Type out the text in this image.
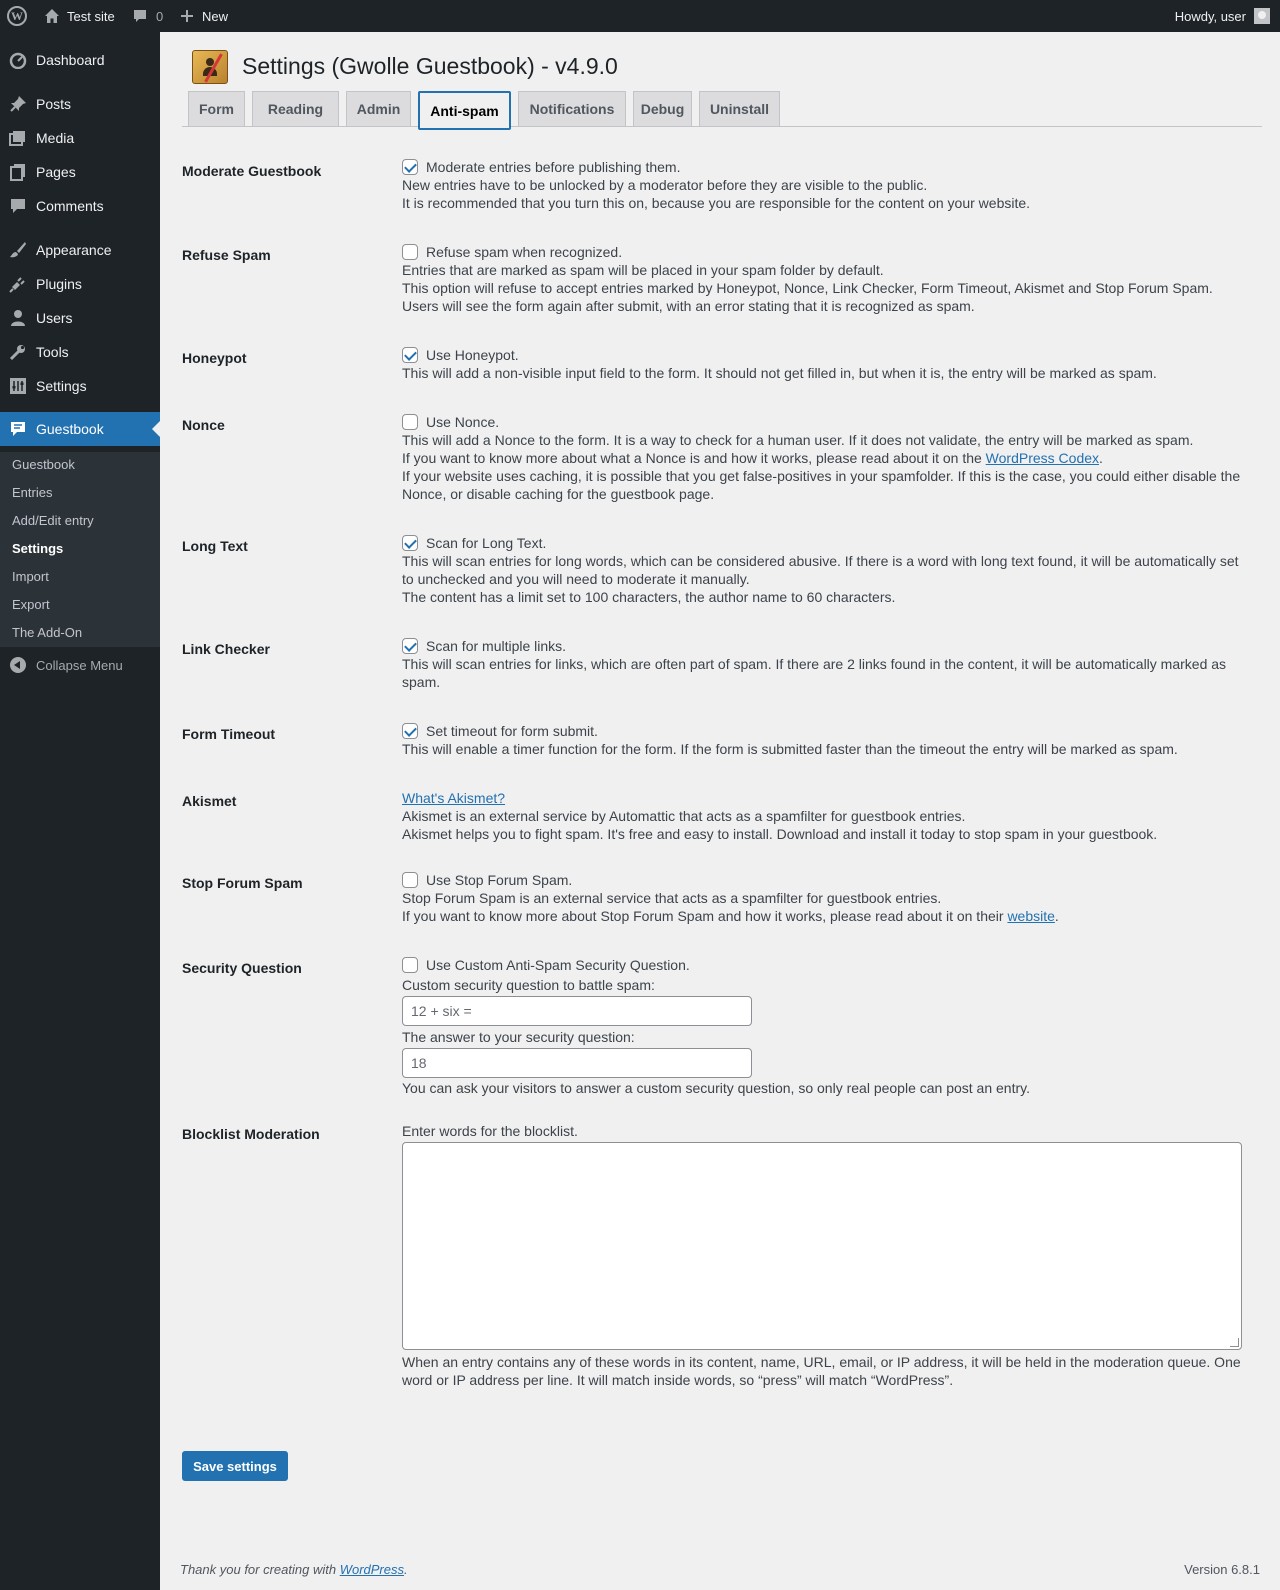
W	Test site	0	New	Howdy, user
Dashboard
Posts
Media
Pages
Comments
Appearance
Plugins
Users
Tools
Settings
Guestbook
Guestbook
Entries
Add/Edit entry
Settings
Import
Export
The Add-On
Collapse Menu
Settings (Gwolle Guestbook) - v4.9.0
Form	Reading	Admin	Anti-spam	Notifications	Debug	Uninstall
Moderate Guestbook	Moderate entries before publishing them.
New entries have to be unlocked by a moderator before they are visible to the public.
It is recommended that you turn this on, because you are responsible for the content on your website.
Refuse Spam	Refuse spam when recognized.
Entries that are marked as spam will be placed in your spam folder by default.
This option will refuse to accept entries marked by Honeypot, Nonce, Link Checker, Form Timeout, Akismet and Stop Forum Spam.
Users will see the form again after submit, with an error stating that it is recognized as spam.
Honeypot	Use Honeypot.
This will add a non-visible input field to the form. It should not get filled in, but when it is, the entry will be marked as spam.
Nonce	Use Nonce.
This will add a Nonce to the form. It is a way to check for a human user. If it does not validate, the entry will be marked as spam.
If you want to know more about what a Nonce is and how it works, please read about it on the WordPress Codex.
If your website uses caching, it is possible that you get false-positives in your spamfolder. If this is the case, you could either disable the Nonce, or disable caching for the guestbook page.
Long Text	Scan for Long Text.
This will scan entries for long words, which can be considered abusive. If there is a word with long text found, it will be automatically set to unchecked and you will need to moderate it manually.
The content has a limit set to 100 characters, the author name to 60 characters.
Link Checker	Scan for multiple links.
This will scan entries for links, which are often part of spam. If there are 2 links found in the content, it will be automatically marked as spam.
Form Timeout	Set timeout for form submit.
This will enable a timer function for the form. If the form is submitted faster than the timeout the entry will be marked as spam.
Akismet	What's Akismet?
Akismet is an external service by Automattic that acts as a spamfilter for guestbook entries.
Akismet helps you to fight spam. It's free and easy to install. Download and install it today to stop spam in your guestbook.
Stop Forum Spam	Use Stop Forum Spam.
Stop Forum Spam is an external service that acts as a spamfilter for guestbook entries.
If you want to know more about Stop Forum Spam and how it works, please read about it on their website.
Security Question	Use Custom Anti-Spam Security Question.
Custom security question to battle spam:
12 + six =
The answer to your security question:
18
You can ask your visitors to answer a custom security question, so only real people can post an entry.
Blocklist Moderation	Enter words for the blocklist.
When an entry contains any of these words in its content, name, URL, email, or IP address, it will be held in the moderation queue. One word or IP address per line. It will match inside words, so “press” will match “WordPress”.
Save settings
Thank you for creating with WordPress.	Version 6.8.1
